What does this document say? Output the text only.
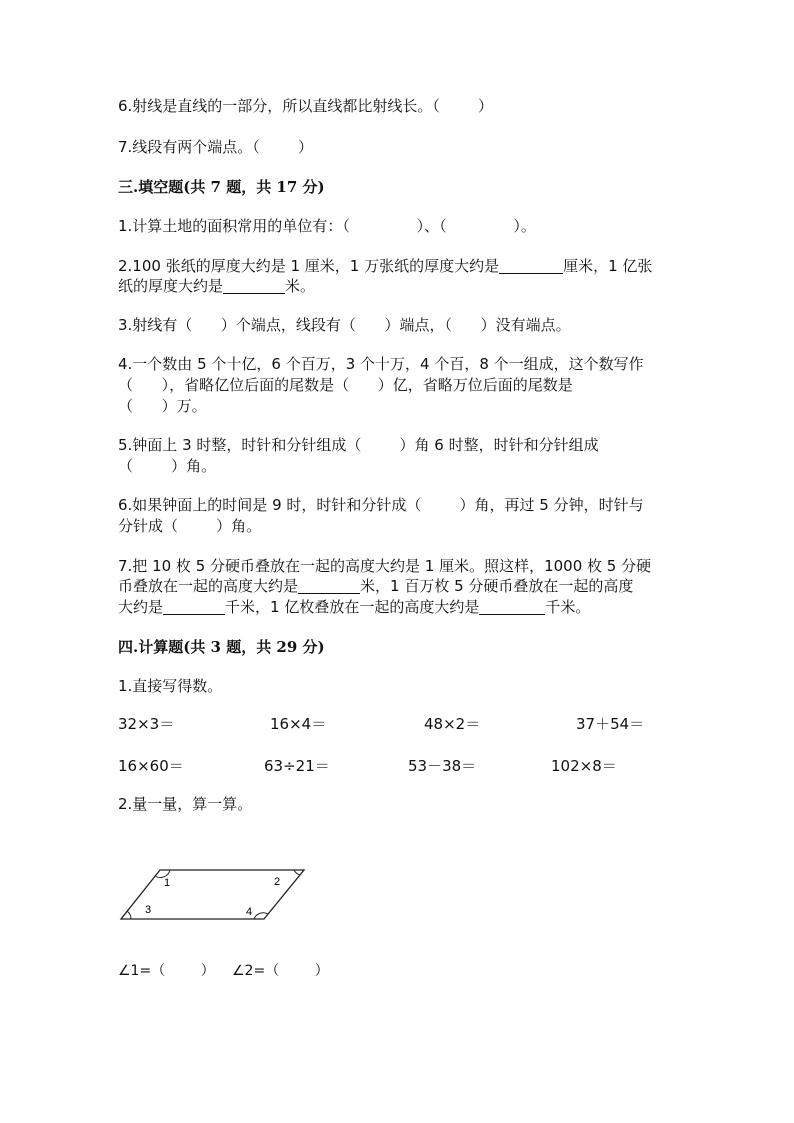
6.射线是直线的一部分，所以直线都比射线长。（        ）
7.线段有两个端点。（        ）
三.填空题(共 7 题，共 17 分)
1.计算土地的面积常用的单位有：（              ）、（              ）。
2.100 张纸的厚度大约是 1 厘米，1 万张纸的厚度大约是	厘米，1 亿张
纸的厚度大约是	米。
3.射线有（      ）个端点，线段有（      ）端点，（      ）没有端点。
4.一个数由 5 个十亿，6 个百万，3 个十万，4 个百，8 个一组成，这个数写作
（      ），省略亿位后面的尾数是（      ）亿，省略万位后面的尾数是
（      ）万。
5.钟面上 3 时整，时针和分针组成（        ）角 6 时整，时针和分针组成
（        ）角。
6.如果钟面上的时间是 9 时，时针和分针成（        ）角，再过 5 分钟，时针与
分针成（        ）角。
7.把 10 枚 5 分硬币叠放在一起的高度大约是 1 厘米。照这样，1000 枚 5 分硬
币叠放在一起的高度大约是	米，1 百万枚 5 分硬币叠放在一起的高度
大约是	千米，1 亿枚叠放在一起的高度大约是	千米。
四.计算题(共 3 题，共 29 分)
1.直接写得数。
32×3＝	16×4＝	48×2＝	37＋54＝
16×60＝	63÷21＝	53－38＝	102×8＝
2.量一量，算一算。
1	2
3	4
∠1=（        ） ∠2=（        ）
